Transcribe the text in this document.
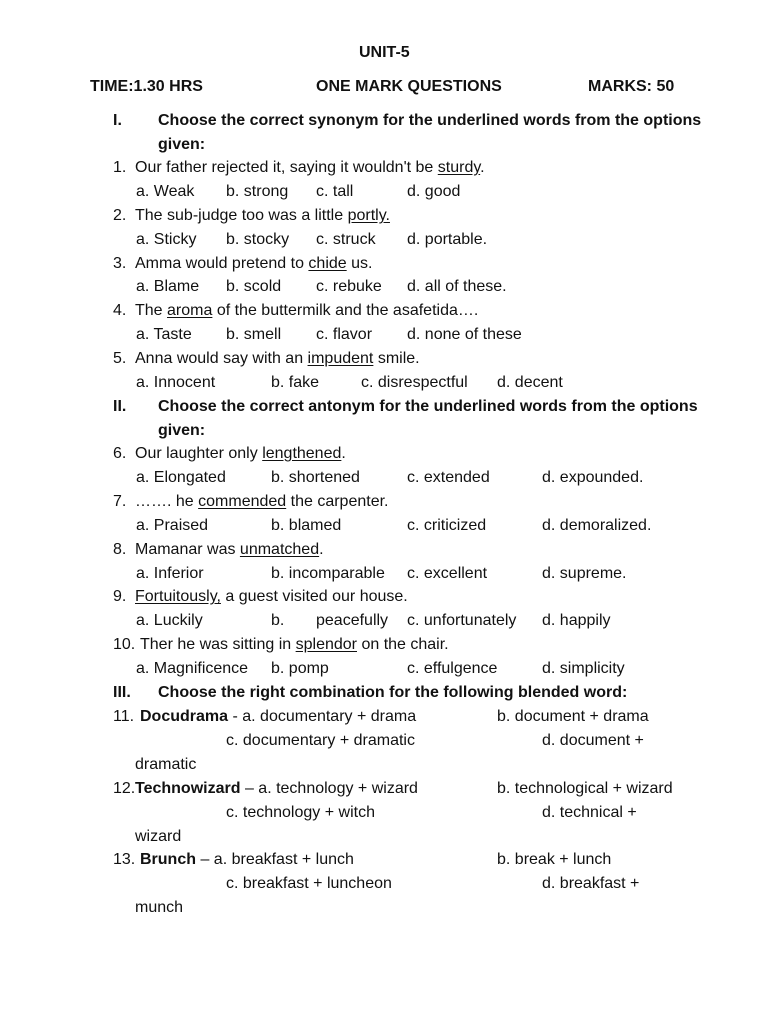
UNIT-5
TIME:1.30 HRS	ONE MARK QUESTIONS	MARKS: 50
I. Choose the correct synonym for the underlined words from the options
given:
1. Our father rejected it, saying it wouldn't be sturdy.
a. Weak b. strong c. tall	d. good
2. The sub-judge too was a little portly.
a. Sticky b. stocky c. struck d. portable.
3. Amma would pretend to chide us.
a. Blame b. scold c. rebuke d. all of these.
4. The aroma of the buttermilk and the asafetida….
a. Taste b. smell c. flavor d. none of these
5. Anna would say with an impudent smile.
a. Innocent	b. fake	c. disrespectful d. decent
II. Choose the correct antonym for the underlined words from the options
given:
6. Our laughter only lengthened.
a. Elongated	b. shortened	c. extended	d. expounded.
7. ……. he commended the carpenter.
a. Praised	b. blamed	c. criticized	d. demoralized.
8. Mamanar was unmatched.
a. Inferior	b. incomparable c. excellent	d. supreme.
9. Fortuitously, a guest visited our house.
a. Luckily	b. peacefully c. unfortunately d. happily
10. Ther he was sitting in splendor on the chair.
a. Magnificence b. pomp	c. effulgence	d. simplicity
III. Choose the right combination for the following blended word:
11. Docudrama - a. documentary + drama	b. document + drama
c. documentary + dramatic	d. document +
dramatic
12. Technowizard – a. technology + wizard	b. technological + wizard
c. technology + witch	d. technical +
wizard
13. Brunch – a. breakfast + lunch	b. break + lunch
c. breakfast + luncheon	d. breakfast +
munch
